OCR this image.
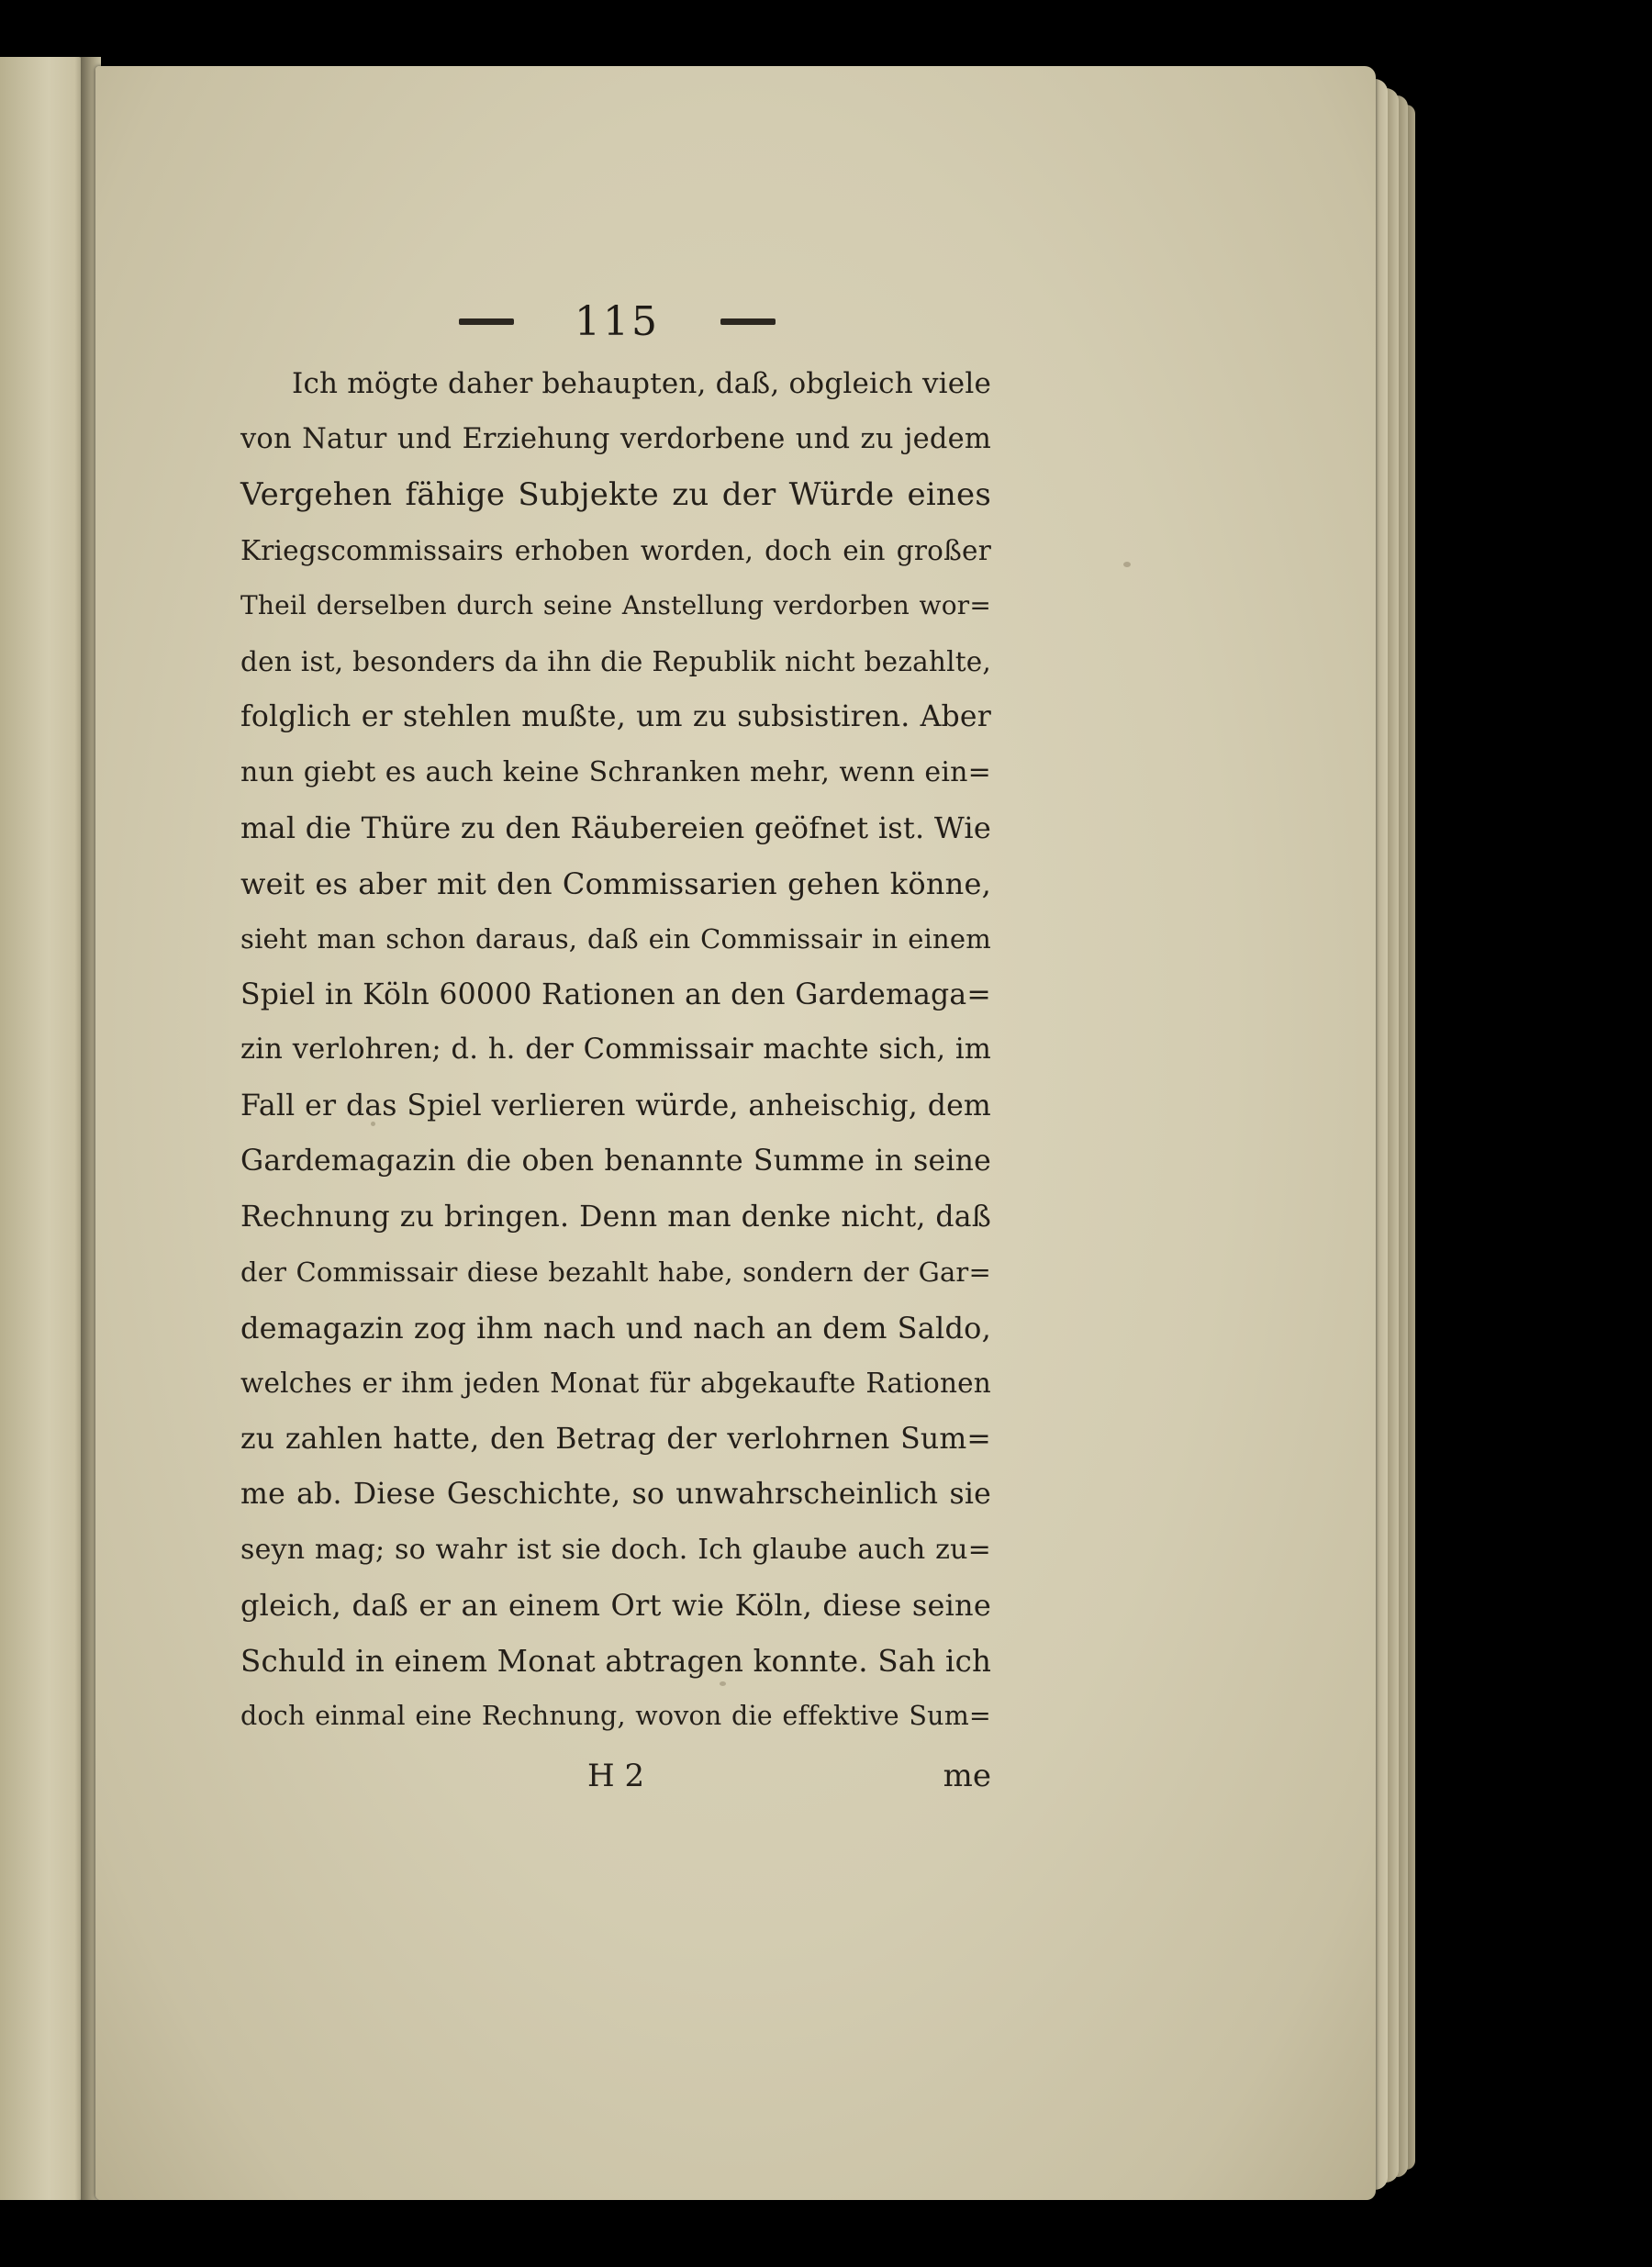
115
Ich mögte daher behaupten, daß, obgleich viele
von Natur und Erziehung verdorbene und zu jedem
Vergehen fähige Subjekte zu der Würde eines
Kriegscommissairs erhoben worden, doch ein großer
Theil derselben durch seine Anstellung verdorben wor=
den ist, besonders da ihn die Republik nicht bezahlte,
folglich er stehlen mußte, um zu subsistiren. Aber
nun giebt es auch keine Schranken mehr, wenn ein=
mal die Thüre zu den Räubereien geöfnet ist. Wie
weit es aber mit den Commissarien gehen könne,
sieht man schon daraus, daß ein Commissair in einem
Spiel in Köln 60000 Rationen an den Gardemaga=
zin verlohren; d. h. der Commissair machte sich, im
Fall er das Spiel verlieren würde, anheischig, dem
Gardemagazin die oben benannte Summe in seine
Rechnung zu bringen. Denn man denke nicht, daß
der Commissair diese bezahlt habe, sondern der Gar=
demagazin zog ihm nach und nach an dem Saldo,
welches er ihm jeden Monat für abgekaufte Rationen
zu zahlen hatte, den Betrag der verlohrnen Sum=
me ab. Diese Geschichte, so unwahrscheinlich sie
seyn mag; so wahr ist sie doch. Ich glaube auch zu=
gleich, daß er an einem Ort wie Köln, diese seine
Schuld in einem Monat abtragen konnte. Sah ich
doch einmal eine Rechnung, wovon die effektive Sum=
H 2	me
